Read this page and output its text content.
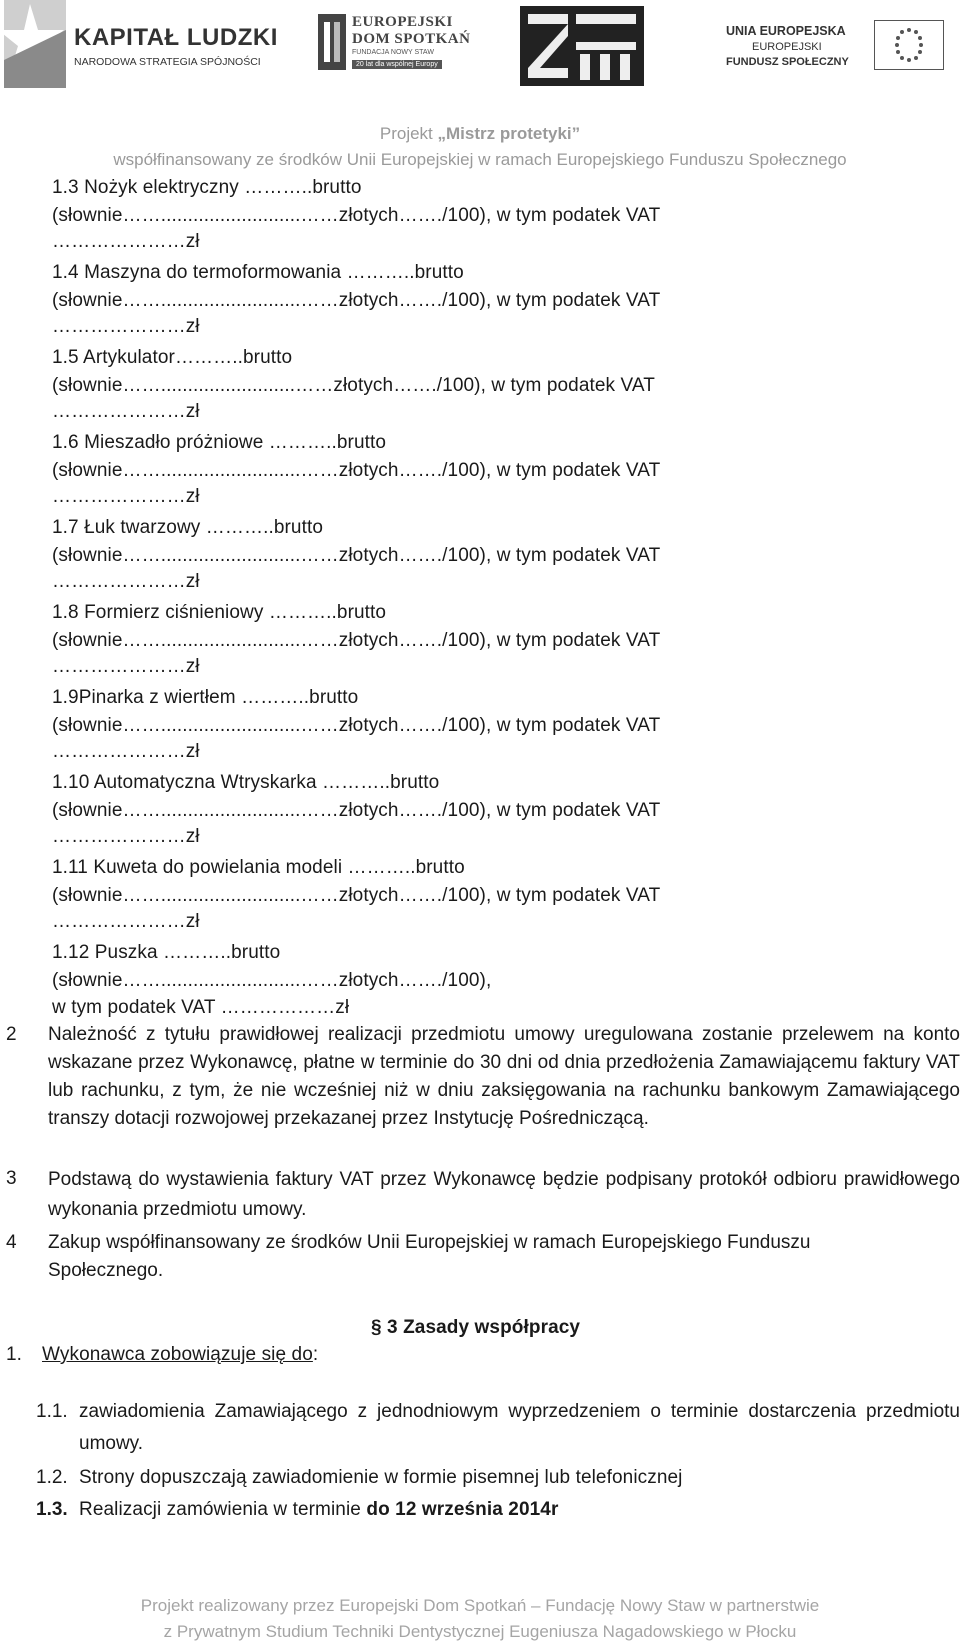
KAPITAŁ LUDZKI
NARODOWA STRATEGIA SPÓJNOŚCI
EUROPEJSKI
DOM SPOTKAŃ
FUNDACJA NOWY STAW
20 lat dla wspólnej Europy
UNIA EUROPEJSKA
EUROPEJSKI
FUNDUSZ SPOŁECZNY
Projekt „Mistrz protetyki”
współfinansowany ze środków Unii Europejskiej w ramach Europejskiego Funduszu Społecznego
1.3 Nożyk elektryczny ………..brutto
(słownie……..........................……złotych……./100), w tym podatek VAT
…………………zł
1.4 Maszyna do termoformowania ………..brutto
(słownie……..........................……złotych……./100), w tym podatek VAT
…………………zł
1.5 Artykulator………..brutto
(słownie…….........................……złotych……./100), w tym podatek VAT
…………………zł
1.6 Mieszadło próżniowe ………..brutto
(słownie……..........................……złotych……./100), w tym podatek VAT
…………………zł
1.7 Łuk twarzowy ………..brutto
(słownie……..........................……złotych……./100), w tym podatek VAT
…………………zł
1.8 Formierz ciśnieniowy ………..brutto
(słownie……..........................……złotych……./100), w tym podatek VAT
…………………zł
1.9Pinarka z wiertłem ………..brutto
(słownie……..........................……złotych……./100), w tym podatek VAT
…………………zł
1.10 Automatyczna Wtryskarka ………..brutto
(słownie……..........................……złotych……./100), w tym podatek VAT
…………………zł
1.11 Kuweta do powielania modeli ………..brutto
(słownie……..........................……złotych……./100), w tym podatek VAT
…………………zł
1.12 Puszka ………..brutto
(słownie……..........................……złotych……./100),
w tym podatek VAT ………………zł
2 Należność z tytułu prawidłowej realizacji przedmiotu umowy uregulowana zostanie przelewem na konto wskazane przez Wykonawcę, płatne w terminie do 30 dni od dnia przedłożenia Zamawiającemu faktury VAT lub rachunku, z tym, że nie wcześniej niż w dniu zaksięgowania na rachunku bankowym Zamawiającego transzy dotacji rozwojowej przekazanej przez Instytucję Pośredniczącą.
3 Podstawą do wystawienia faktury VAT przez Wykonawcę będzie podpisany protokół odbioru prawidłowego wykonania przedmiotu umowy.
4 Zakup współfinansowany ze środków Unii Europejskiej w ramach Europejskiego Funduszu Społecznego.
§ 3 Zasady współpracy
1. Wykonawca zobowiązuje się do:
1.1. zawiadomienia Zamawiającego z jednodniowym wyprzedzeniem o terminie dostarczenia przedmiotu umowy.
1.2. Strony dopuszczają zawiadomienie w formie pisemnej lub telefonicznej
1.3. Realizacji zamówienia w terminie do 12 września 2014r
Projekt realizowany przez Europejski Dom Spotkań – Fundację Nowy Staw w partnerstwie
z Prywatnym Studium Techniki Dentystycznej Eugeniusza Nagadowskiego w Płocku
